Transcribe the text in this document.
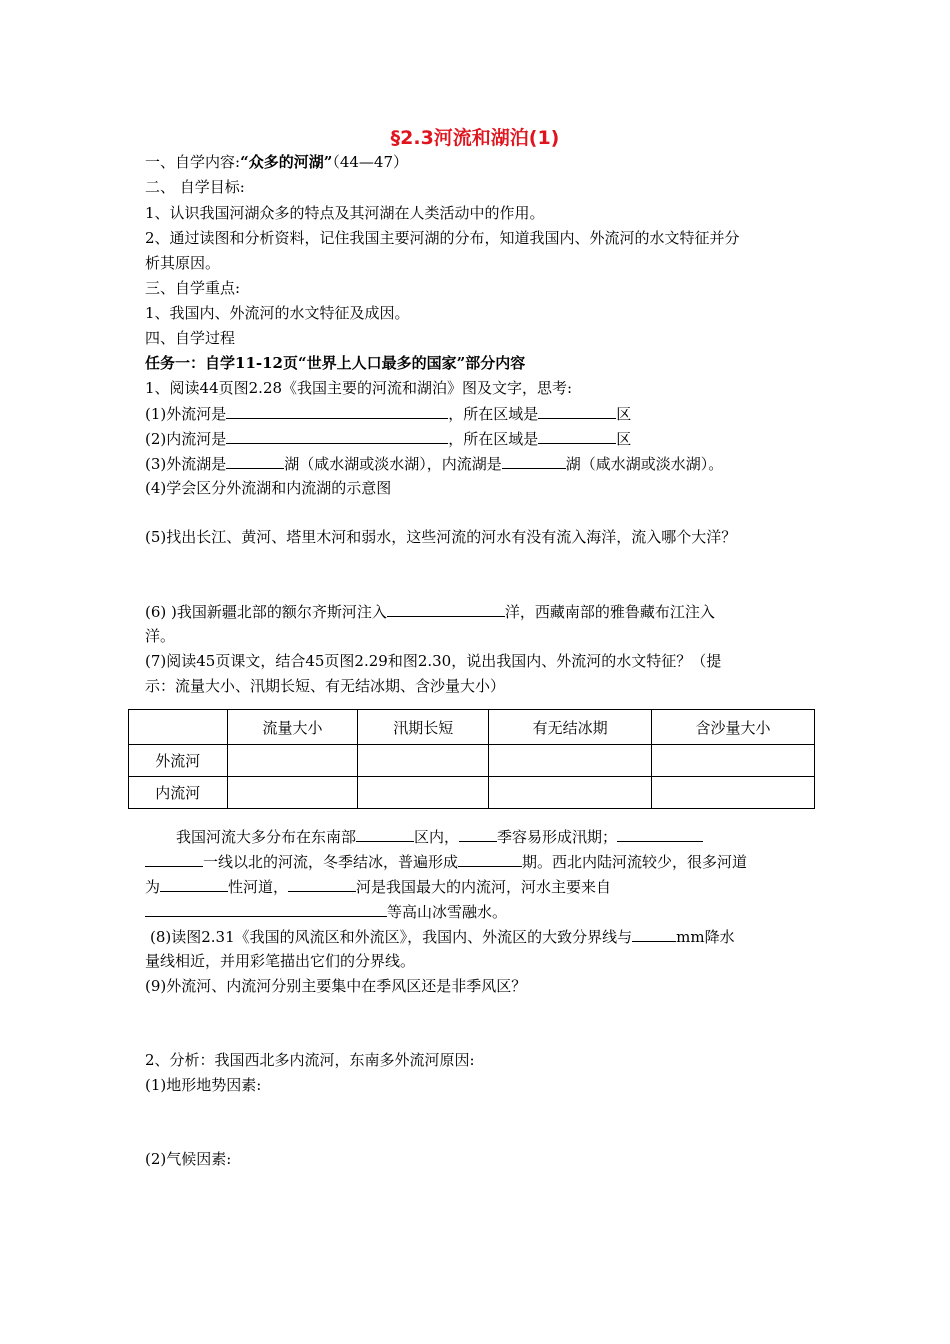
§2.3河流和湖泊(1)
一、自学内容:“众多的河湖”（44—47）
二、 自学目标:
1、认识我国河湖众多的特点及其河湖在人类活动中的作用。
2、通过读图和分析资料，记住我国主要河湖的分布，知道我国内、外流河的水文特征并分
析其原因。
三、自学重点:
1、我国内、外流河的水文特征及成因。
四、自学过程
任务一：自学11-12页“世界上人口最多的国家”部分内容
1、阅读44页图2.28《我国主要的河流和湖泊》图及文字，思考:
(1)外流河是	，所在区域是	区
(2)内流河是	，所在区域是	区
(3)外流湖是	湖（咸水湖或淡水湖），内流湖是	湖（咸水湖或淡水湖）。
(4)学会区分外流湖和内流湖的示意图
(5)找出长江、黄河、塔里木河和弱水，这些河流的河水有没有流入海洋，流入哪个大洋？
(6) )我国新疆北部的额尔齐斯河注入	洋，西藏南部的雅鲁藏布江注入
洋。
(7)阅读45页课文，结合45页图2.29和图2.30，说出我国内、外流河的水文特征？（提
示：流量大小、汛期长短、有无结冰期、含沙量大小）
	流量大小	汛期长短	有无结冰期	含沙量大小
外流河				
内流河				
我国河流大多分布在东南部	区内，	季容易形成汛期；
一线以北的河流，冬季结冰，普遍形成	期。西北内陆河流较少，很多河道
为	性河道，	河是我国最大的内流河，河水主要来自
等高山冰雪融水。
(8)读图2.31《我国的风流区和外流区》，我国内、外流区的大致分界线与	mm降水
量线相近，并用彩笔描出它们的分界线。
(9)外流河、内流河分别主要集中在季风区还是非季风区？
2、分析：我国西北多内流河，东南多外流河原因:
(1)地形地势因素:
(2)气候因素:
